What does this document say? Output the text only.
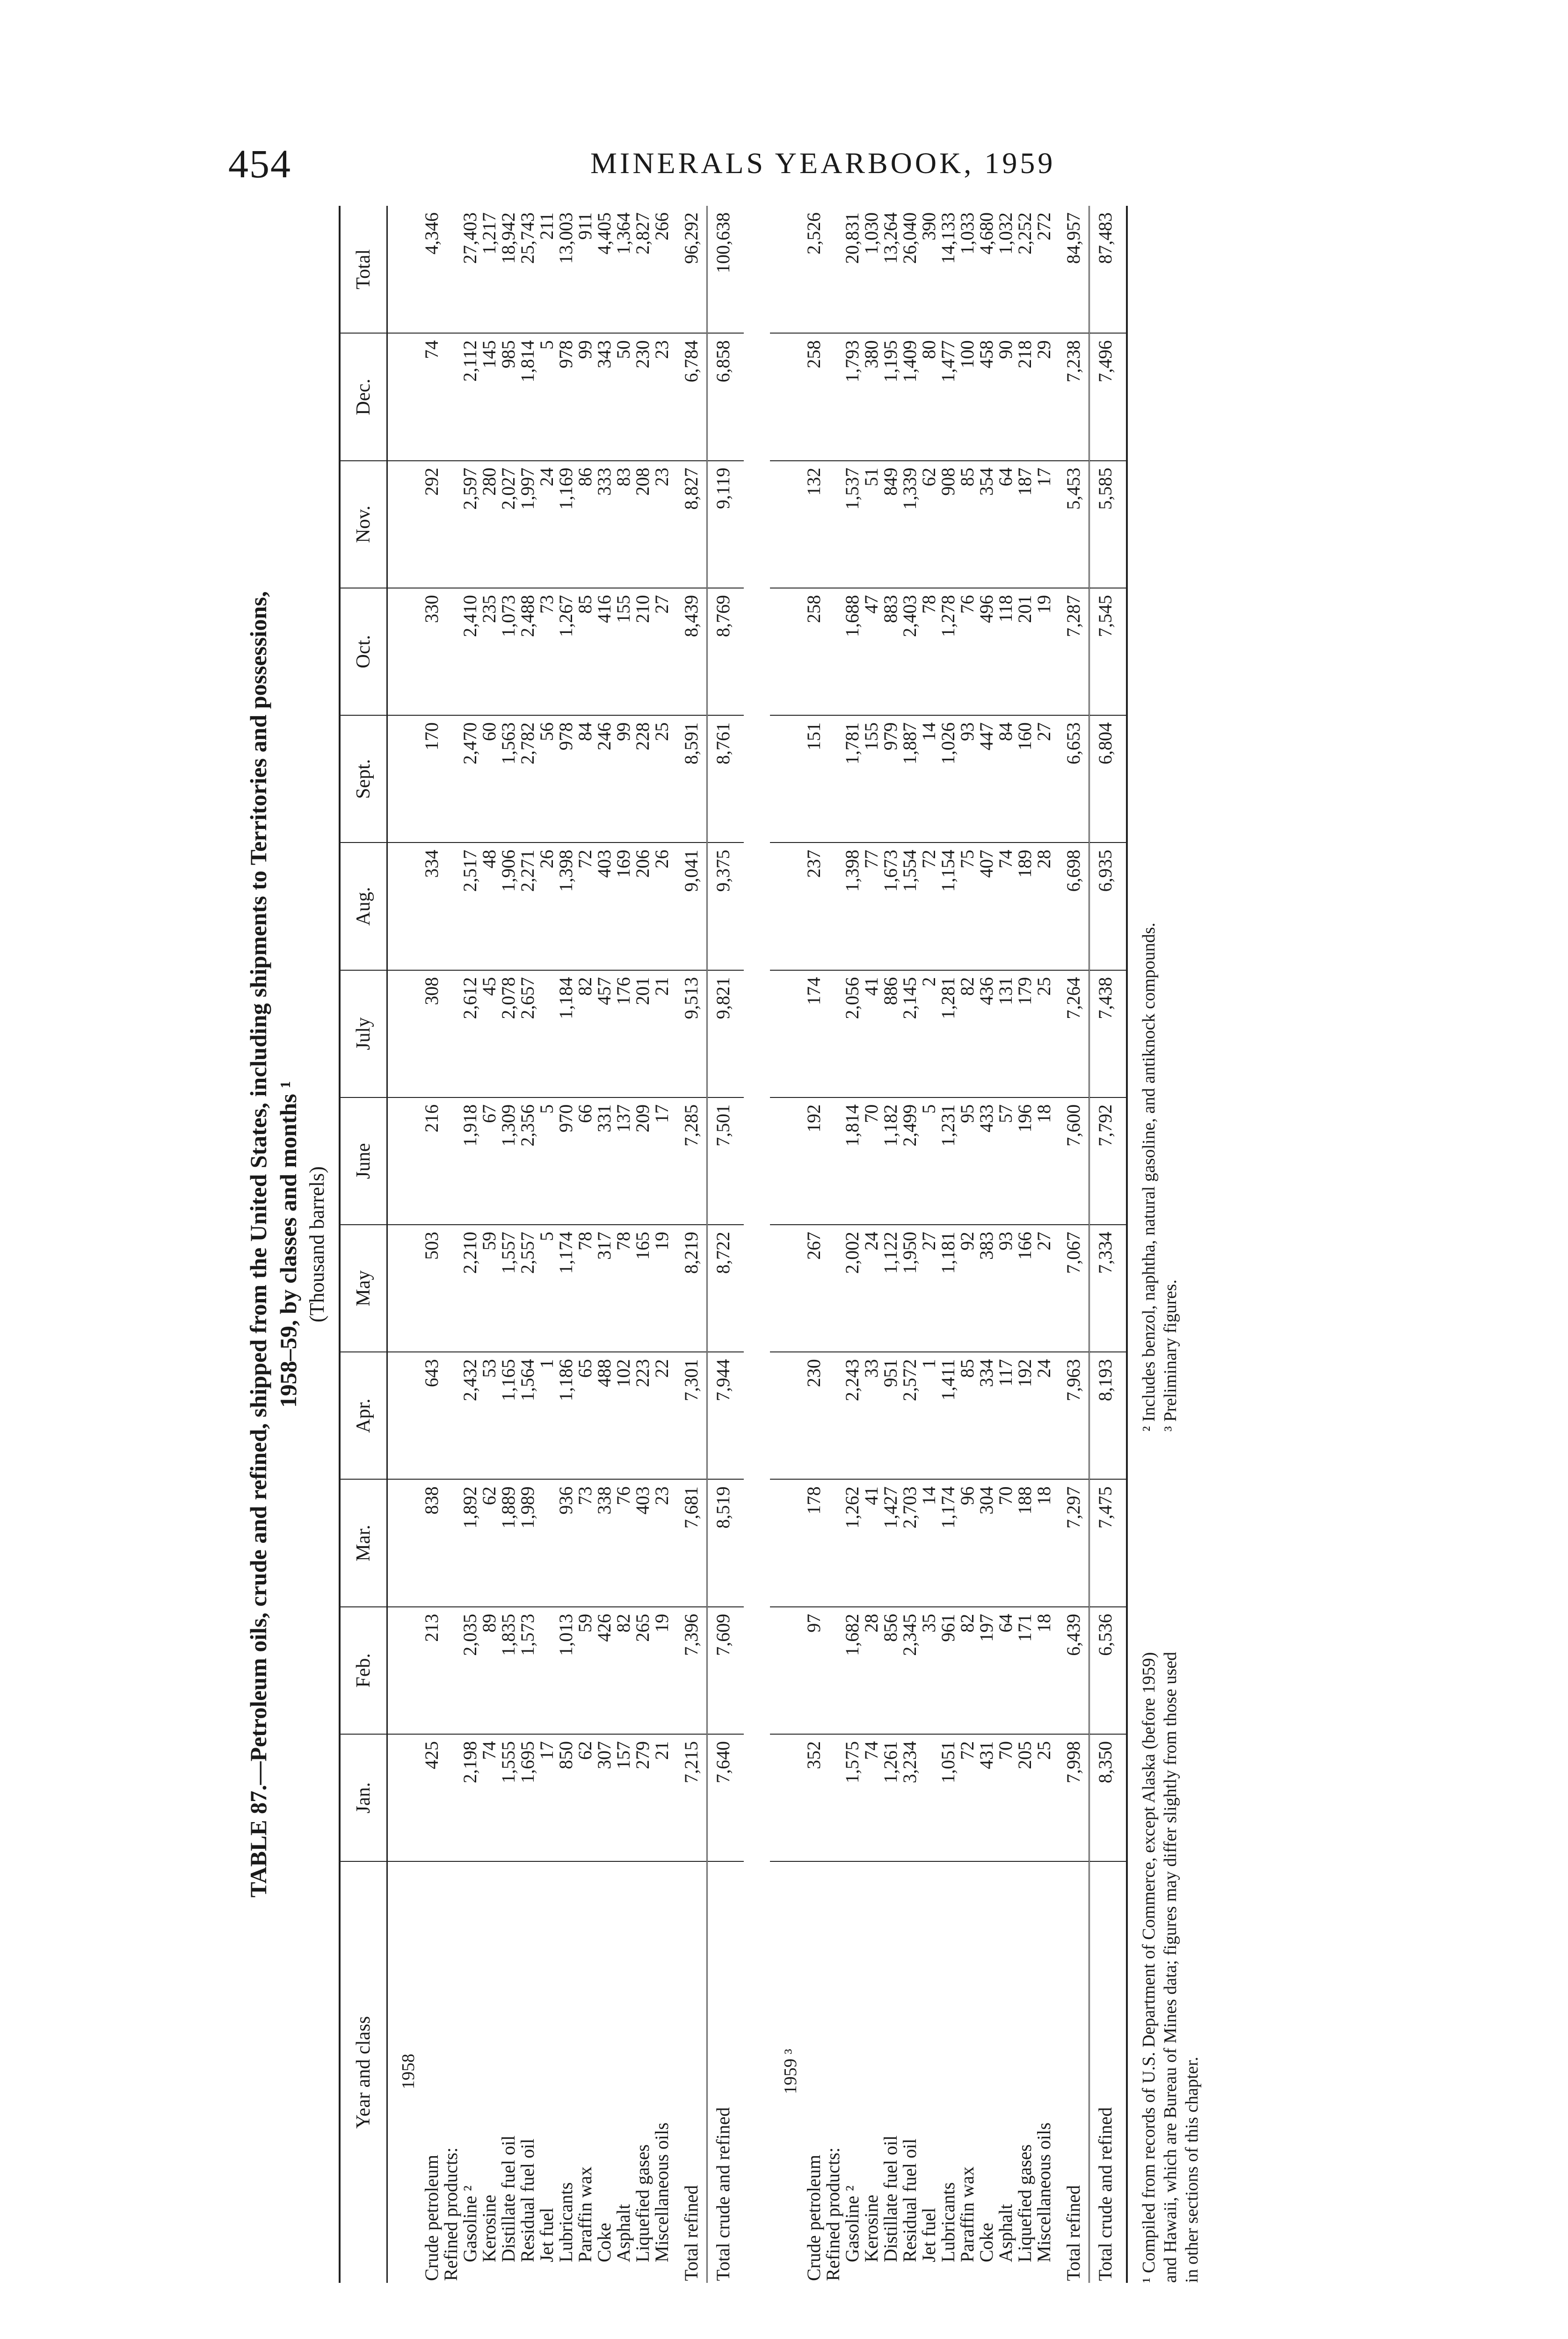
454	MINERALS YEARBOOK, 1959
TABLE 87.—Petroleum oils, crude and refined, shipped from the United States, including shipments to Territories and possessions, 1958–59, by classes and months ¹ (Thousand barrels)
Year and class	Jan.	Feb.	Mar.	Apr.	May	June	July	Aug.	Sept.	Oct.	Nov.	Dec.	Total
1958													
Crude petroleum	425	213	838	643	503	216	308	334	170	330	292	74	4,346
Refined products:													
Gasoline ²	2,198	2,035	1,892	2,432	2,210	1,918	2,612	2,517	2,470	2,410	2,597	2,112	27,403
Kerosine	74	89	62	53	59	67	45	48	60	235	280	145	1,217
Distillate fuel oil	1,555	1,835	1,889	1,165	1,557	1,309	2,078	1,906	1,563	1,073	2,027	985	18,942
Residual fuel oil	1,695	1,573	1,989	1,564	2,557	2,356	2,657	2,271	2,782	2,488	1,997	1,814	25,743
Jet fuel	17			1	5	5		26	56	73	24	5	211
Lubricants	850	1,013	936	1,186	1,174	970	1,184	1,398	978	1,267	1,169	978	13,003
Paraffin wax	62	59	73	65	78	66	82	72	84	85	86	99	911
Coke	307	426	338	488	317	331	457	403	246	416	333	343	4,405
Asphalt	157	82	76	102	78	137	176	169	99	155	83	50	1,364
Liquefied gases	279	265	403	223	165	209	201	206	228	210	208	230	2,827
Miscellaneous oils	21	19	23	22	19	17	21	26	25	27	23	23	266
Total refined	7,215	7,396	7,681	7,301	8,219	7,285	9,513	9,041	8,591	8,439	8,827	6,784	96,292
Total crude and refined	7,640	7,609	8,519	7,944	8,722	7,501	9,821	9,375	8,761	8,769	9,119	6,858	100,638

1959 ³													
Crude petroleum	352	97	178	230	267	192	174	237	151	258	132	258	2,526
Refined products:													
Gasoline ²	1,575	1,682	1,262	2,243	2,002	1,814	2,056	1,398	1,781	1,688	1,537	1,793	20,831
Kerosine	74	28	41	33	24	70	41	77	155	47	51	380	1,030
Distillate fuel oil	1,261	856	1,427	951	1,122	1,182	886	1,673	979	883	849	1,195	13,264
Residual fuel oil	3,234	2,345	2,703	2,572	1,950	2,499	2,145	1,554	1,887	2,403	1,339	1,409	26,040
Jet fuel		35	14	1	27	5	2	72	14	78	62	80	390
Lubricants	1,051	961	1,174	1,411	1,181	1,231	1,281	1,154	1,026	1,278	908	1,477	14,133
Paraffin wax	72	82	96	85	92	95	82	75	93	76	85	100	1,033
Coke	431	197	304	334	383	433	436	407	447	496	354	458	4,680
Asphalt	70	64	70	117	93	57	131	74	84	118	64	90	1,032
Liquefied gases	205	171	188	192	166	196	179	189	160	201	187	218	2,252
Miscellaneous oils	25	18	18	24	27	18	25	28	27	19	17	29	272
Total refined	7,998	6,439	7,297	7,963	7,067	7,600	7,264	6,698	6,653	7,287	5,453	7,238	84,957
Total crude and refined	8,350	6,536	7,475	8,193	7,334	7,792	7,438	6,935	6,804	7,545	5,585	7,496	87,483

¹ Compiled from records of U.S. Department of Commerce, except Alaska (before 1959) and Hawaii, which are Bureau of Mines data; figures may differ slightly from those used in other sections of this chapter.

² Includes benzol, naphtha, natural gasoline, and antiknock compounds. ³ Preliminary figures.
